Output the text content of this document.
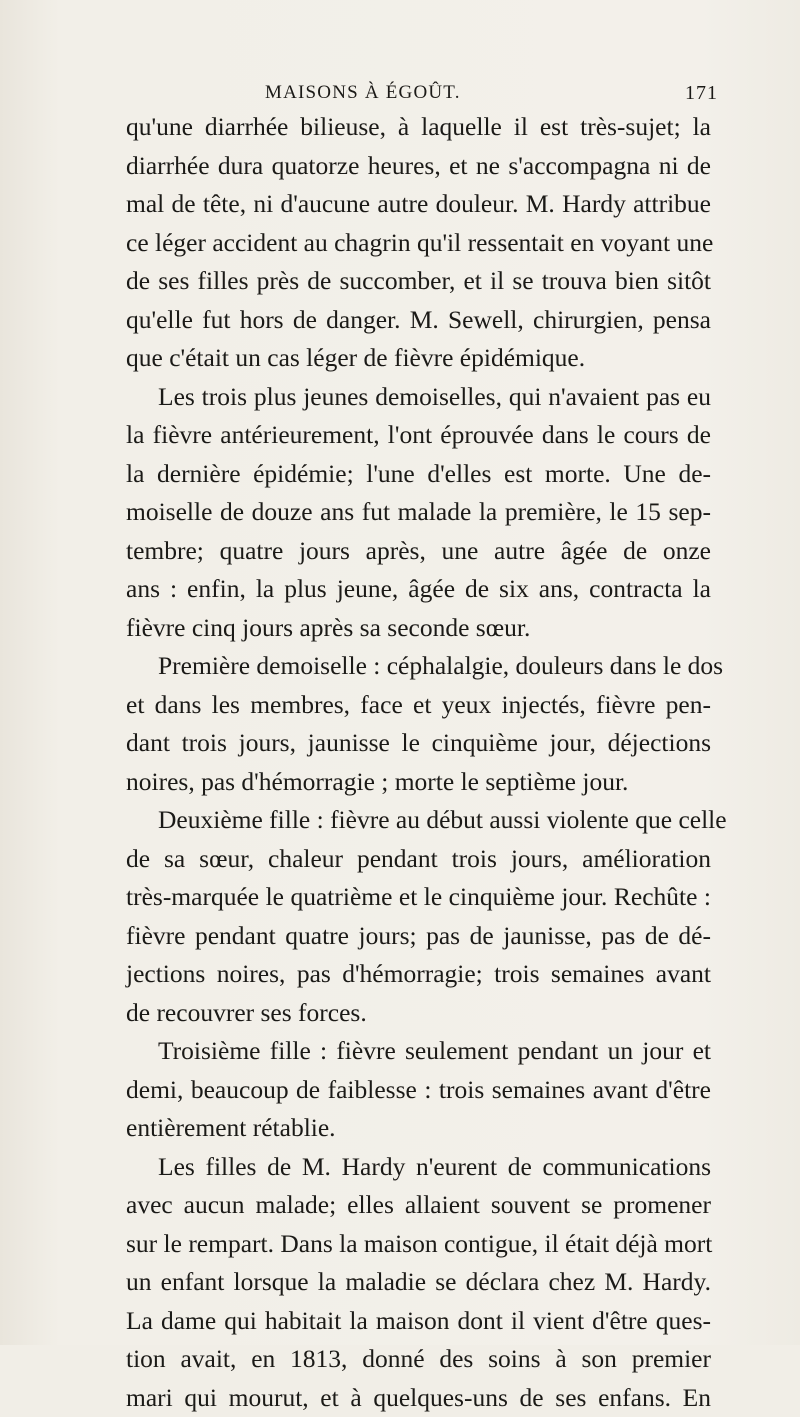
MAISONS À ÉGOÛT.	171
qu'une diarrhée bilieuse, à laquelle il est très-sujet; la
diarrhée dura quatorze heures, et ne s'accompagna ni de
mal de tête, ni d'aucune autre douleur. M. Hardy attribue
ce léger accident au chagrin qu'il ressentait en voyant une
de ses filles près de succomber, et il se trouva bien sitôt
qu'elle fut hors de danger. M. Sewell, chirurgien, pensa
que c'était un cas léger de fièvre épidémique.
Les trois plus jeunes demoiselles, qui n'avaient pas eu
la fièvre antérieurement, l'ont éprouvée dans le cours de
la dernière épidémie; l'une d'elles est morte. Une de-
moiselle de douze ans fut malade la première, le 15 sep-
tembre; quatre jours après, une autre âgée de onze
ans : enfin, la plus jeune, âgée de six ans, contracta la
fièvre cinq jours après sa seconde sœur.
Première demoiselle : céphalalgie, douleurs dans le dos
et dans les membres, face et yeux injectés, fièvre pen-
dant trois jours, jaunisse le cinquième jour, déjections
noires, pas d'hémorragie ; morte le septième jour.
Deuxième fille : fièvre au début aussi violente que celle
de sa sœur, chaleur pendant trois jours, amélioration
très-marquée le quatrième et le cinquième jour. Rechûte :
fièvre pendant quatre jours; pas de jaunisse, pas de dé-
jections noires, pas d'hémorragie; trois semaines avant
de recouvrer ses forces.
Troisième fille : fièvre seulement pendant un jour et
demi, beaucoup de faiblesse : trois semaines avant d'être
entièrement rétablie.
Les filles de M. Hardy n'eurent de communications
avec aucun malade; elles allaient souvent se promener
sur le rempart. Dans la maison contigue, il était déjà mort
un enfant lorsque la maladie se déclara chez M. Hardy.
La dame qui habitait la maison dont il vient d'être ques-
tion avait, en 1813, donné des soins à son premier
mari qui mourut, et à quelques-uns de ses enfans. En
